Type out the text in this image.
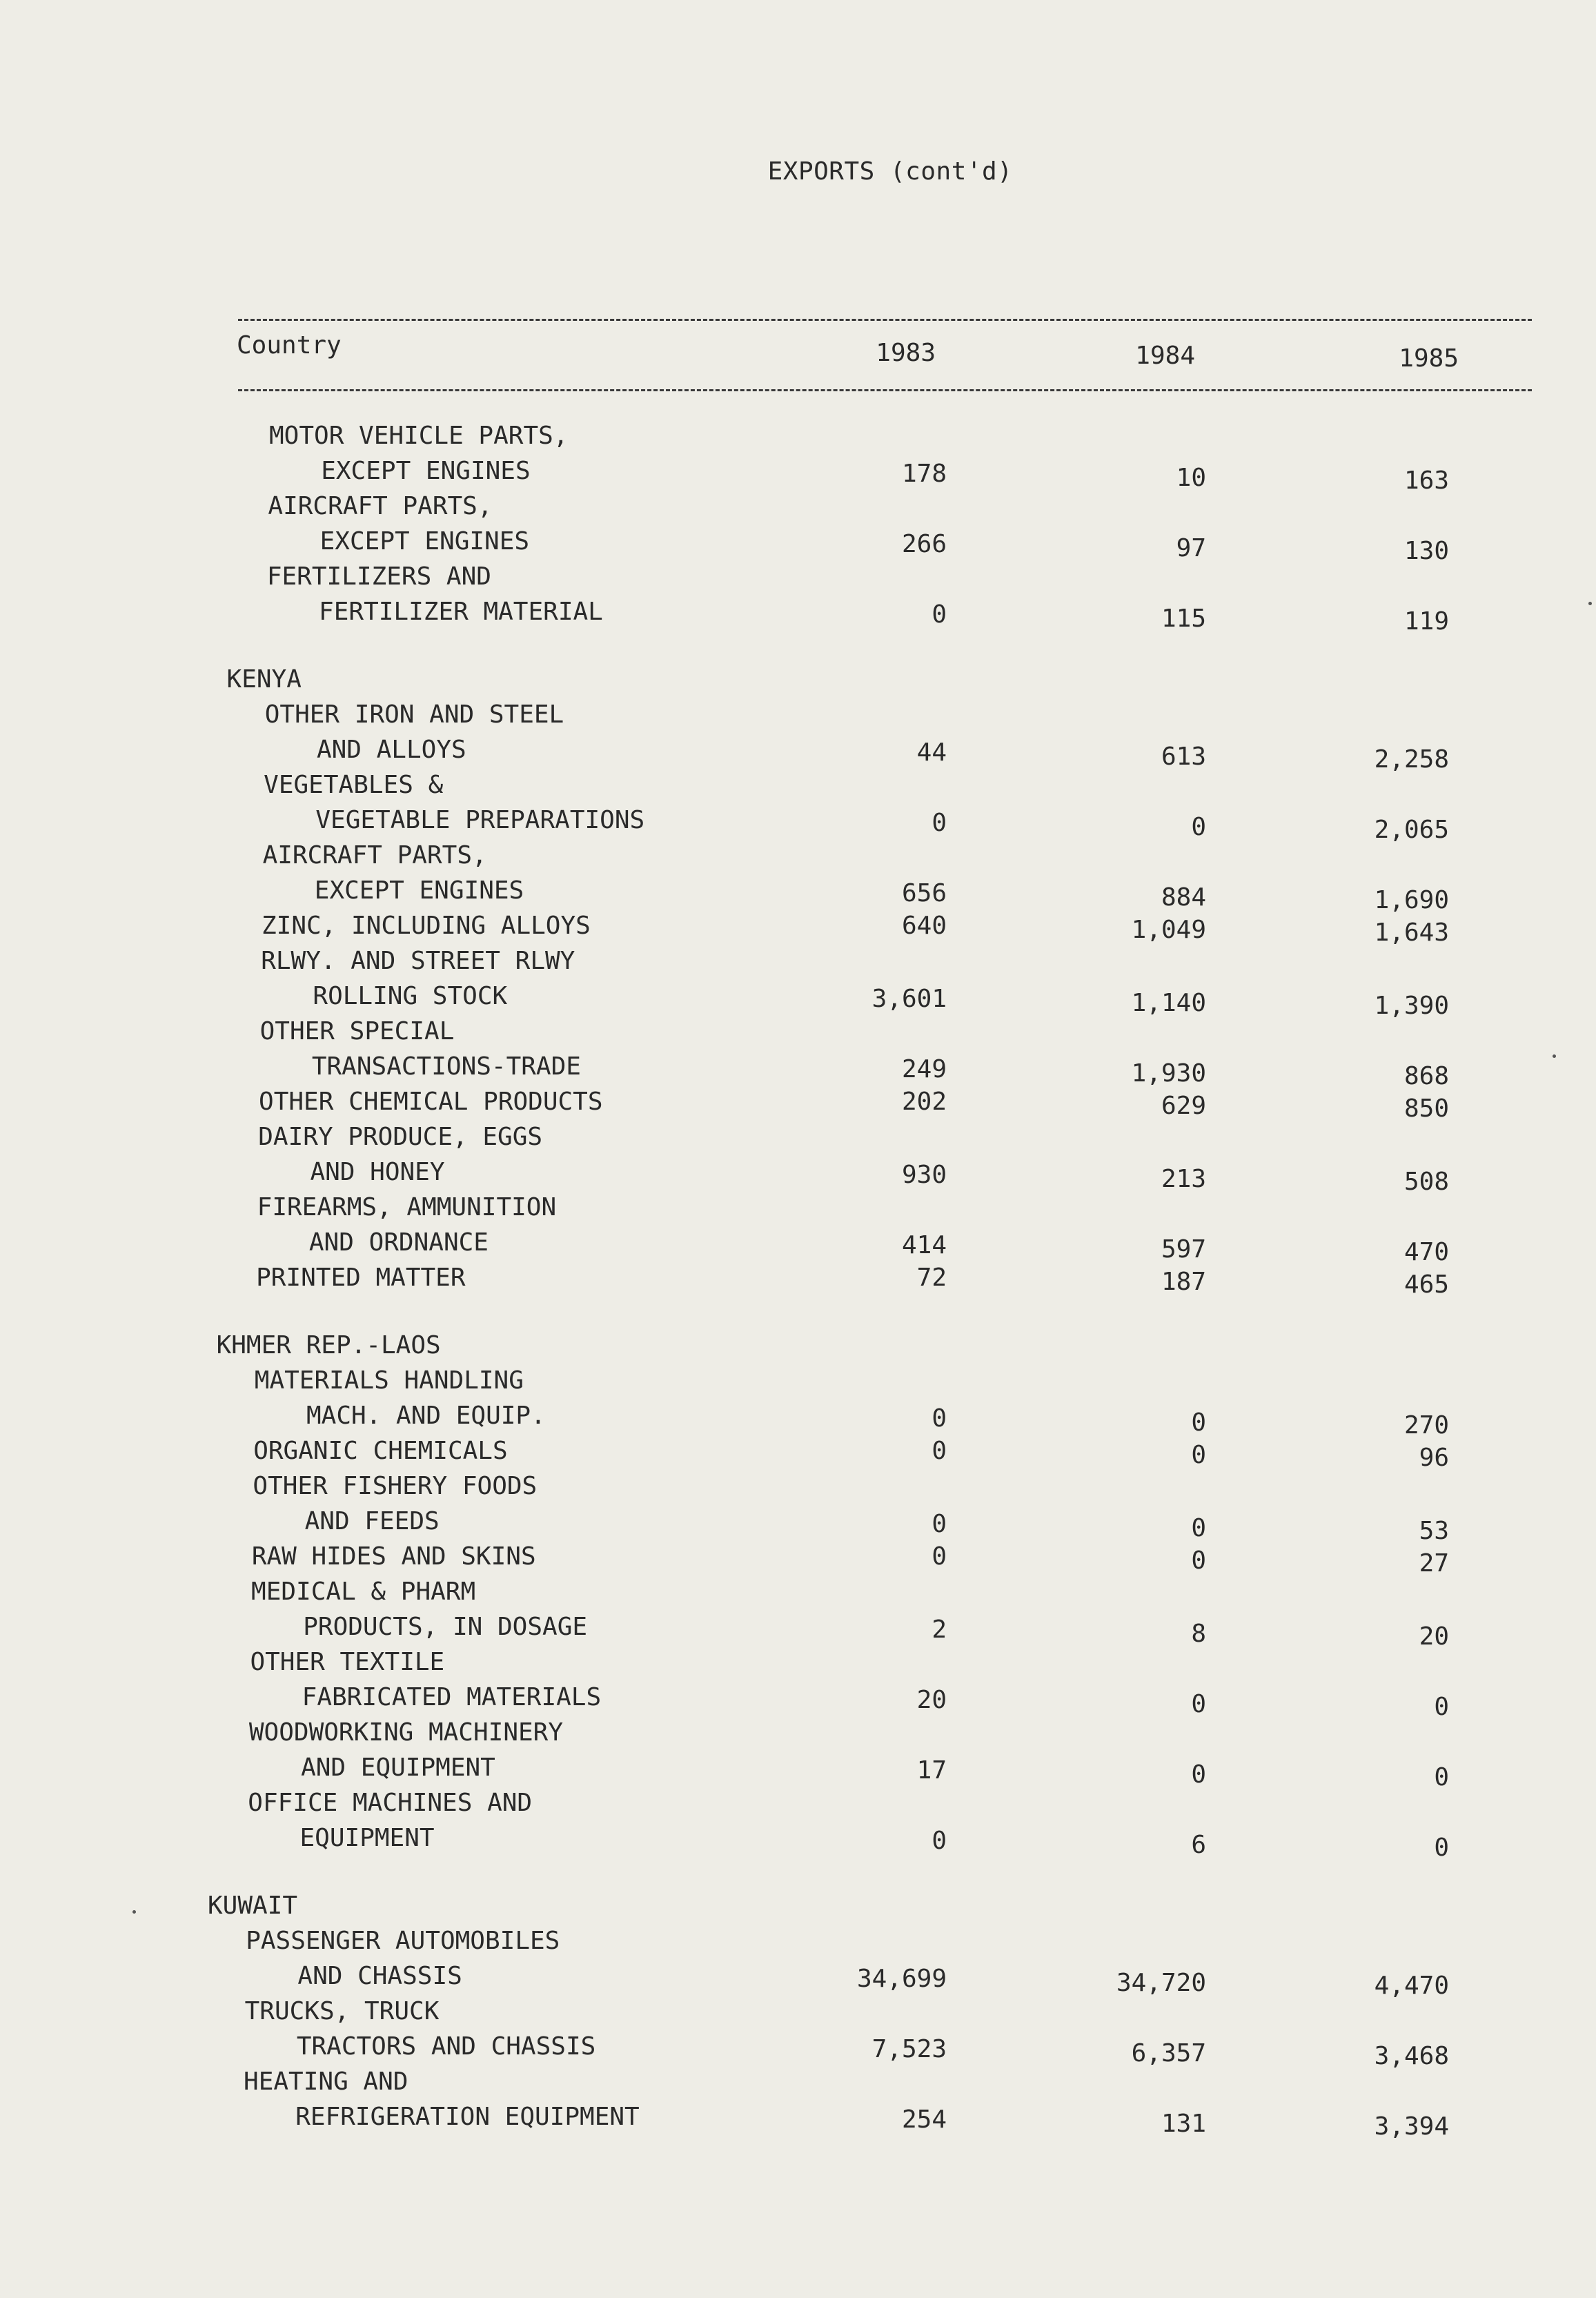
EXPORTS (cont'd)
Country	1983	1984	1985
MOTOR VEHICLE PARTS,
EXCEPT ENGINES	178	10	163
AIRCRAFT PARTS,
EXCEPT ENGINES	266	97	130
FERTILIZERS AND
FERTILIZER MATERIAL	0	115	119
KENYA
OTHER IRON AND STEEL
AND ALLOYS	44	613	2,258
VEGETABLES &
VEGETABLE PREPARATIONS	0	0	2,065
AIRCRAFT PARTS,
EXCEPT ENGINES	656	884	1,690
ZINC, INCLUDING ALLOYS	640	1,049	1,643
RLWY. AND STREET RLWY
ROLLING STOCK	3,601	1,140	1,390
OTHER SPECIAL
TRANSACTIONS-TRADE	249	1,930	868
OTHER CHEMICAL PRODUCTS	202	629	850
DAIRY PRODUCE, EGGS
AND HONEY	930	213	508
FIREARMS, AMMUNITION
AND ORDNANCE	414	597	470
PRINTED MATTER	72	187	465
KHMER REP.-LAOS
MATERIALS HANDLING
MACH. AND EQUIP.	0	0	270
ORGANIC CHEMICALS	0	0	96
OTHER FISHERY FOODS
AND FEEDS	0	0	53
RAW HIDES AND SKINS	0	0	27
MEDICAL & PHARM
PRODUCTS, IN DOSAGE	2	8	20
OTHER TEXTILE
FABRICATED MATERIALS	20	0	0
WOODWORKING MACHINERY
AND EQUIPMENT	17	0	0
OFFICE MACHINES AND
EQUIPMENT	0	6	0
KUWAIT
PASSENGER AUTOMOBILES
AND CHASSIS	34,699	34,720	4,470
TRUCKS, TRUCK
TRACTORS AND CHASSIS	7,523	6,357	3,468
HEATING AND
REFRIGERATION EQUIPMENT	254	131	3,394
